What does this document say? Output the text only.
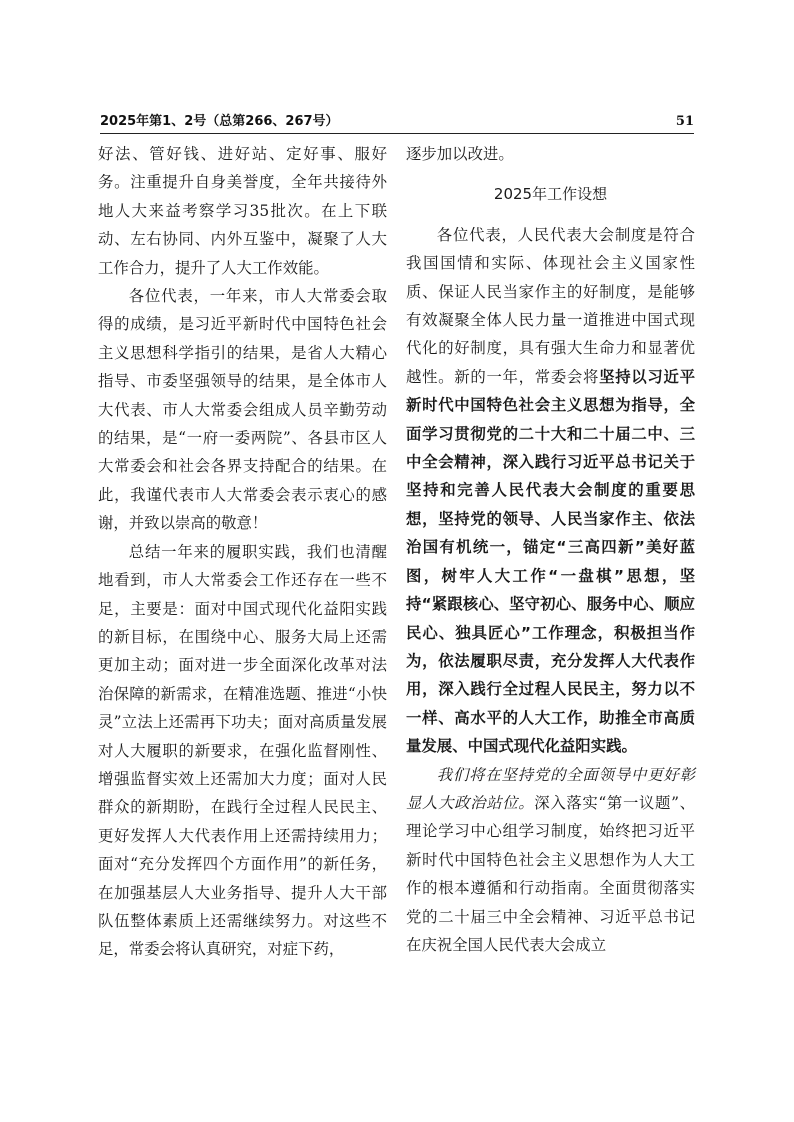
2025年第1、2号（总第266、267号）	51

好法、管好钱、进好站、定好事、服好务。注重提升自身美誉度，全年共接待外地人大来益考察学习35批次。在上下联动、左右协同、内外互鉴中，凝聚了人大工作合力，提升了人大工作效能。

各位代表，一年来，市人大常委会取得的成绩，是习近平新时代中国特色社会主义思想科学指引的结果，是省人大精心指导、市委坚强领导的结果，是全体市人大代表、市人大常委会组成人员辛勤劳动的结果，是“一府一委两院”、各县市区人大常委会和社会各界支持配合的结果。在此，我谨代表市人大常委会表示衷心的感谢，并致以崇高的敬意！

总结一年来的履职实践，我们也清醒地看到，市人大常委会工作还存在一些不足，主要是：面对中国式现代化益阳实践的新目标，在围绕中心、服务大局上还需更加主动；面对进一步全面深化改革对法治保障的新需求，在精准选题、推进“小快灵”立法上还需再下功夫；面对高质量发展对人大履职的新要求，在强化监督刚性、增强监督实效上还需加大力度；面对人民群众的新期盼，在践行全过程人民民主、更好发挥人大代表作用上还需持续用力；面对“充分发挥四个方面作用”的新任务，在加强基层人大业务指导、提升人大干部队伍整体素质上还需继续努力。对这些不足，常委会将认真研究，对症下药，

逐步加以改进。

2025年工作设想

各位代表，人民代表大会制度是符合我国国情和实际、体现社会主义国家性质、保证人民当家作主的好制度，是能够有效凝聚全体人民力量一道推进中国式现代化的好制度，具有强大生命力和显著优越性。新的一年，常委会将坚持以习近平新时代中国特色社会主义思想为指导，全面学习贯彻党的二十大和二十届二中、三中全会精神，深入践行习近平总书记关于坚持和完善人民代表大会制度的重要思想，坚持党的领导、人民当家作主、依法治国有机统一，锚定“三高四新”美好蓝图，树牢人大工作“一盘棋”思想，坚持“紧跟核心、坚守初心、服务中心、顺应民心、独具匠心”工作理念，积极担当作为，依法履职尽责，充分发挥人大代表作用，深入践行全过程人民民主，努力以不一样、高水平的人大工作，助推全市高质量发展、中国式现代化益阳实践。

我们将在坚持党的全面领导中更好彰显人大政治站位。深入落实“第一议题”、理论学习中心组学习制度，始终把习近平新时代中国特色社会主义思想作为人大工作的根本遵循和行动指南。全面贯彻落实党的二十届三中全会精神、习近平总书记在庆祝全国人民代表大会成立
